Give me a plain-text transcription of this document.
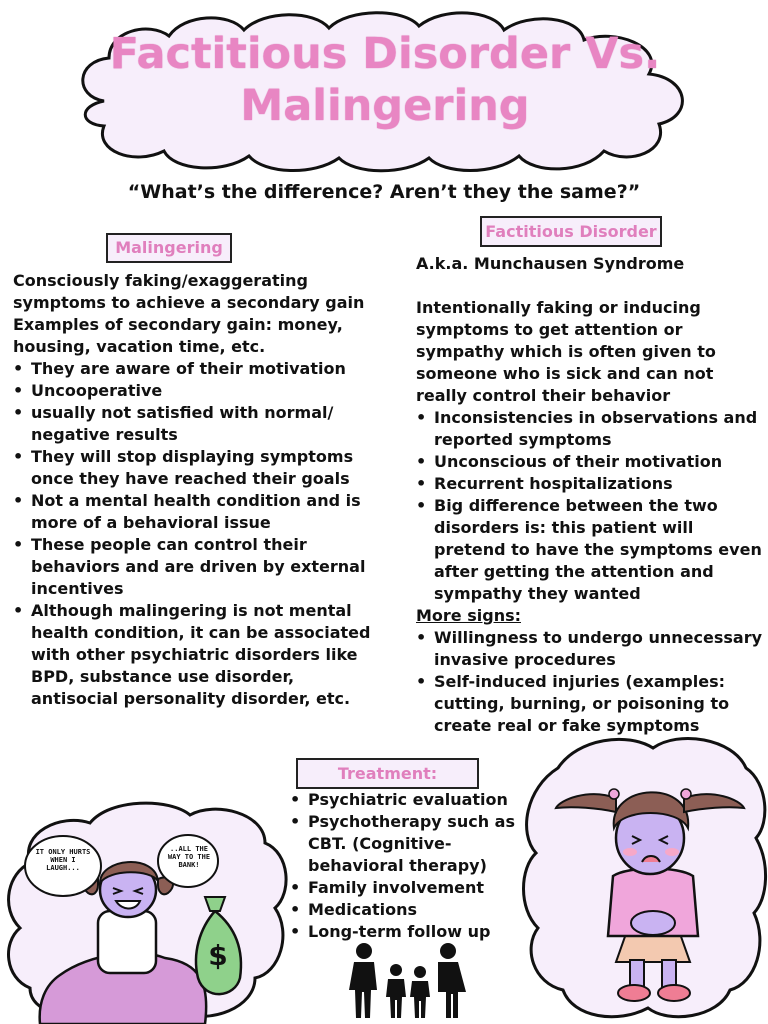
Factitious Disorder Vs. Malingering
“What’s the difference? Aren’t they the same?”
Malingering

Consciously faking/exaggerating symptoms to achieve a secondary gain

Examples of secondary gain: money, housing, vacation time, etc.

• They are aware of their motivation
• Uncooperative
• usually not satisfied with normal/ negative results
• They will stop displaying symptoms once they have reached their goals
• Not a mental health condition and is more of a behavioral issue
• These people can control their behaviors and are driven by external incentives
• Although malingering is not mental health condition, it can be associated with other psychiatric disorders like BPD, substance use disorder, antisocial personality disorder, etc.
Factitious Disorder

A.k.a. Munchausen Syndrome

Intentionally faking or inducing symptoms to get attention or sympathy which is often given to someone who is sick and can not really control their behavior

• Inconsistencies in observations and reported symptoms
• Unconscious of their motivation
• Recurrent hospitalizations
• Big difference between the two disorders is: this patient will pretend to have the symptoms even after getting the attention and sympathy they wanted

More signs:

• Willingness to undergo unnecessary invasive procedures
• Self-induced injuries (examples: cutting, burning, or poisoning to create real or fake symptoms
Treatment:
• Psychiatric evaluation
• Psychotherapy such as CBT. (Cognitive-behavioral therapy)
• Family involvement
• Medications
• Long-term follow up
$
IT ONLY HURTS WHEN I LAUGH...
..ALL THE WAY TO THE BANK!
